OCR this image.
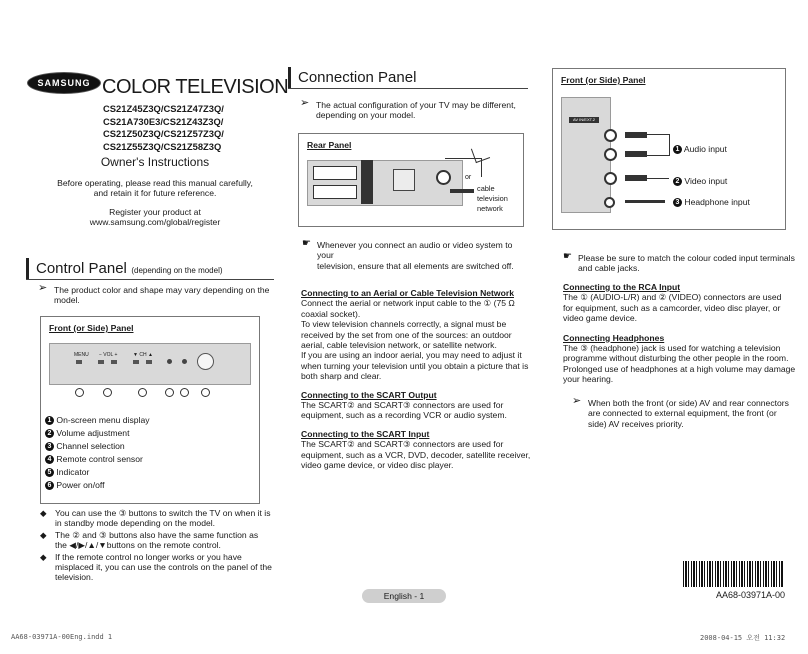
SAMSUNG COLOR TELEVISION
CS21Z45Z3Q/CS21Z47Z3Q/
CS21A730E3/CS21Z43Z3Q/
CS21Z50Z3Q/CS21Z57Z3Q/
CS21Z55Z3Q/CS21Z58Z3Q
Owner's Instructions
Before operating, please read this manual carefully,
and retain it for future reference.
Register your product at
www.samsung.com/global/register
Control Panel (depending on the model)
➢ The product color and shape may vary depending on the
model.
Front (or Side) Panel
MENU − VOL +	▼ CH ▲
1 On-screen menu display
2 Volume adjustment
3 Channel selection
4 Remote control sensor
5 Indicator
6 Power on/off
◆ You can use the ③ buttons to switch the TV on when it is
in standby mode depending on the model.
◆ The ② and ③ buttons also have the same function as
the ◀/▶/▲/▼buttons on the remote control.
◆ If the remote control no longer works or you have
misplaced it, you can use the controls on the panel of the
television.
Connection Panel
➢ The actual configuration of your TV may be different,
depending on your model.
Rear Panel
or
cable
television
network
☛ Whenever you connect an audio or video system to your
television, ensure that all elements are switched off.
Connecting to an Aerial or Cable Television Network
Connect the aerial or network input cable to the ① (75 Ω
coaxial socket).
To view television channels correctly, a signal must be
received by the set from one of the sources: an outdoor
aerial, cable television network, or satellite network.
If you are using an indoor aerial, you may need to adjust it
when turning your television until you obtain a picture that is
both sharp and clear.
Connecting to the SCART Output
The SCART② and SCART③ connectors are used for
equipment, such as a recording VCR or audio system.
Connecting to the SCART Input
The SCART② and SCART③ connectors are used for
equipment, such as a VCR, DVD, decoder, satellite receiver,
video game device, or video disc player.
English - 1
Front (or Side) Panel
AV IN/EXT.2
1 Audio input
2 Video input
3 Headphone input
☛ Please be sure to match the colour coded input terminals
and cable jacks.
Connecting to the RCA Input
The ① (AUDIO-L/R) and ② (VIDEO) connectors are used
for equipment, such as a camcorder, video disc player, or
video game device.
Connecting Headphones
The ③ (headphone) jack is used for watching a television
programme without disturbing the other people in the room.
Prolonged use of headphones at a high volume may damage
your hearing.
➢ When both the front (or side) AV and rear connectors
are connected to external equipment, the front (or
side) AV receives priority.
AA68-03971A-00
AA68-03971A-00Eng.indd 1	2008-04-15 오전 11:32
